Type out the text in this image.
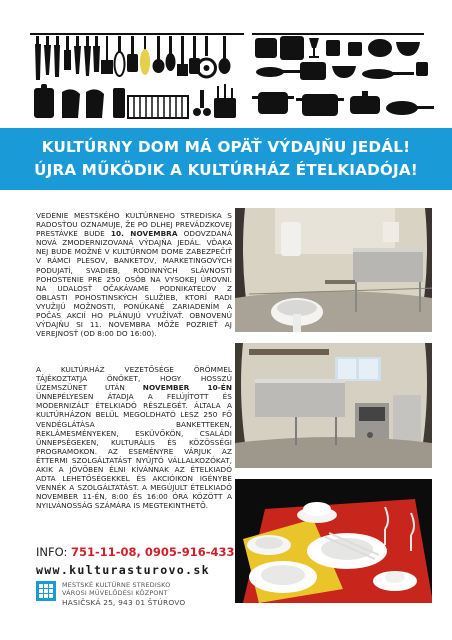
KULTÚRNY DOM MÁ OPÄŤ VÝDAJŇU JEDÁL!
ÚJRA MŰKÖDIK A KULTÚRHÁZ ÉTELKIADÓJA!
VEDENIE MESTSKÉHO KULTÚRNEHO STREDISKA S RADOSŤOU OZNAMUJE, ŽE PO DLHEJ PREVÁDZKOVEJ PRESTÁVKE BUDE 10. NOVEMBRA ODOVZDANÁ NOVÁ ZMODERNIZOVANÁ VÝDAJŇA JEDÁL. VĎAKA NEJ BUDE MOŽNÉ V KULTÚRNOM DOME ZABEZPEČIŤ V RÁMCI PLESOV, BANKETOV, MARKETINGOVÝCH PODUJATÍ, SVADIEB, RODINNÝCH SLÁVNOSTÍ POHOSTENIE PRE 250 OSÔB NA VYSOKEJ ÚROVNI. NA UDALOSŤ OČAKÁVAME PODNIKATEĽOV Z OBLASTI POHOSTINSKÝCH SLUŽIEB, KTORÍ RADI VYUŽIJÚ MOŽNOSTI, PONÚKANÉ ZARIADENÍM A POČAS AKCIÍ HO PLÁNUJÚ VYUŽÍVAŤ. OBNOVENÚ VÝDAJŇU SI 11. NOVEMBRA MÔŽE POZRIEŤ AJ VEREJNOSŤ (OD 8:00 DO 16:00).
A KULTÚRHÁZ VEZETŐSÉGE ÖRÖMMEL TÁJÉKOZTATJA ÖNÖKET, HOGY HOSSZÚ ÜZEMSZÜNET UTÁN NOVEMBER 10-ÉN ÜNNEPÉLYESEN ÁTADJA A FELÚJÍTOTT ÉS MODERNIZÁLT ÉTELKIADÓ RÉSZLEGÉT. ÁLTALA A KULTÚRHÁZON BELÜL MEGOLDHATÓ LESZ 250 FŐ VENDÉGLÁTÁSA BANKETTEKEN, REKLÁMESMÉNYEKEN, ESKÜVŐKÖN, CSALÁDI ÜNNEPSÉGEKEN, KULTURÁLIS ÉS KÖZÖSSÉGI PROGRAMOKON. AZ ESEMÉNYRE VÁRJUK AZ ÉTTERMI SZOLGÁLTATÁST NYÚJTÓ VÁLLALKOZÓKAT, AKIK A JÖVŐBEN ÉLNI KÍVÁNNAK AZ ÉTELKIADÓ ADTA LEHETŐSÉGEKKEL ÉS AKCIÓIKON IGÉNYBE VENNÉK A SZOLGÁLTATÁST. A MEGÚJULT ÉTELKIADÓ NOVEMBER 11-ÉN, 8:00 ÉS 16:00 ÓRA KÖZÖTT A NYILVÁNOSSÁG SZÁMÁRA IS MEGTEKINTHETŐ.
INFO: 751-11-08, 0905-916-433
www.kulturasturovo.sk
MESTSKÉ KULTÚRNE STREDISKO
VÁROSI MŰVELŐDÉSI KÖZPONT
HASIČSKÁ 25, 943 01 ŠTÚROVO
